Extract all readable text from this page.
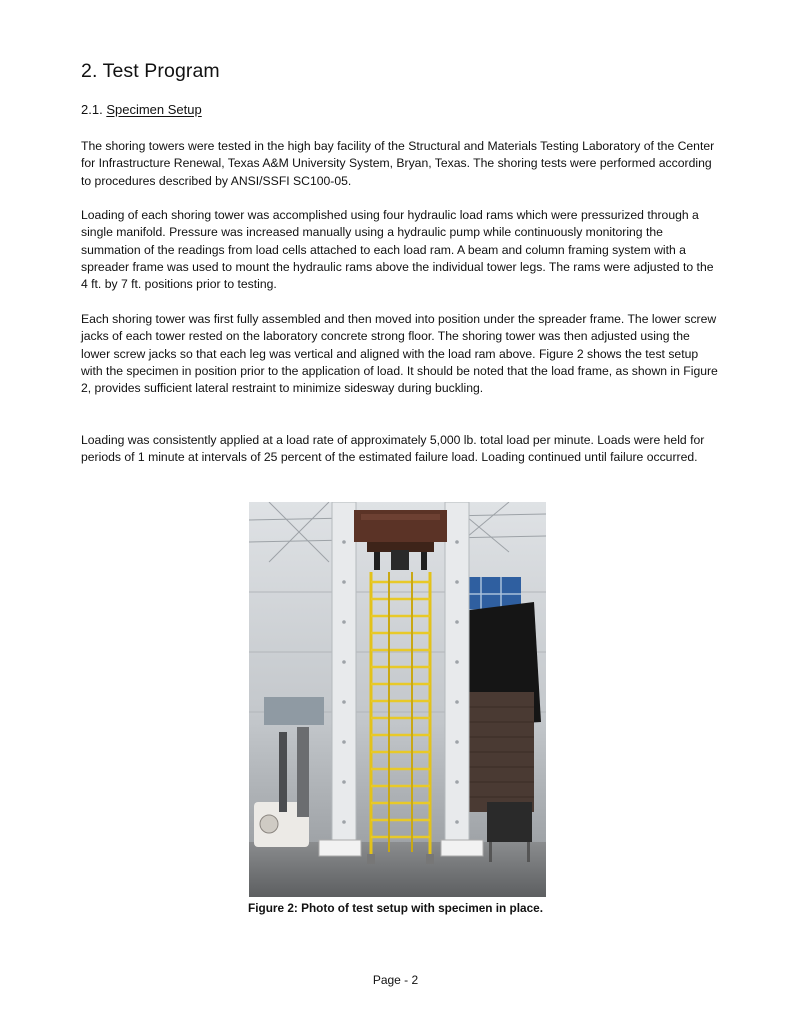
2. Test Program
2.1. Specimen Setup

The shoring towers were tested in the high bay facility of the Structural and Materials Testing Laboratory of the Center for Infrastructure Renewal, Texas A&M University System, Bryan, Texas. The shoring tests were performed according to procedures described by ANSI/SSFI SC100-05.

Loading of each shoring tower was accomplished using four hydraulic load rams which were pressurized through a single manifold. Pressure was increased manually using a hydraulic pump while continuously monitoring the summation of the readings from load cells attached to each load ram. A beam and column framing system with a spreader frame was used to mount the hydraulic rams above the individual tower legs. The rams were adjusted to the 4 ft. by 7 ft. positions prior to testing.

Each shoring tower was first fully assembled and then moved into position under the spreader frame. The lower screw jacks of each tower rested on the laboratory concrete strong floor. The shoring tower was then adjusted using the lower screw jacks so that each leg was vertical and aligned with the load ram above. Figure 2 shows the test setup with the specimen in position prior to the application of load. It should be noted that the load frame, as shown in Figure 2, provides sufficient lateral restraint to minimize sidesway during buckling.

Loading was consistently applied at a load rate of approximately 5,000 lb. total load per minute. Loads were held for periods of 1 minute at intervals of 25 percent of the estimated failure load. Loading continued until failure occurred.

Figure 2: Photo of test setup with specimen in place.
Page - 2
